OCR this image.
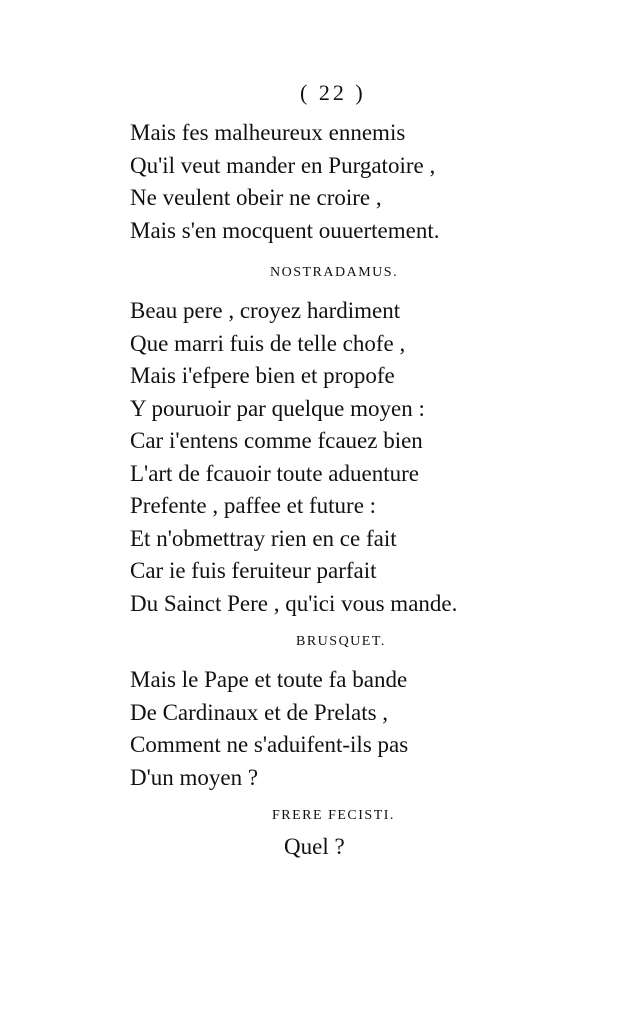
( 22 )
Mais fes malheureux ennemis
Qu'il veut mander en Purgatoire ,
Ne veulent obeir ne croire ,
Mais s'en mocquent ouuertement.
NOSTRADAMUS.
Beau pere , croyez hardiment
Que marri fuis de telle chofe ,
Mais i'efpere bien et propofe
Y pouruoir par quelque moyen :
Car i'entens comme fcauez bien
L'art de fcauoir toute aduenture
Prefente , paffee et future :
Et n'obmettray rien en ce fait
Car ie fuis feruiteur parfait
Du Sainct Pere , qu'ici vous mande.
BRUSQUET.
Mais le Pape et toute fa bande
De Cardinaux et de Prelats ,
Comment ne s'aduifent-ils pas
D'un moyen ?
FRERE FECISTI.
Quel ?
